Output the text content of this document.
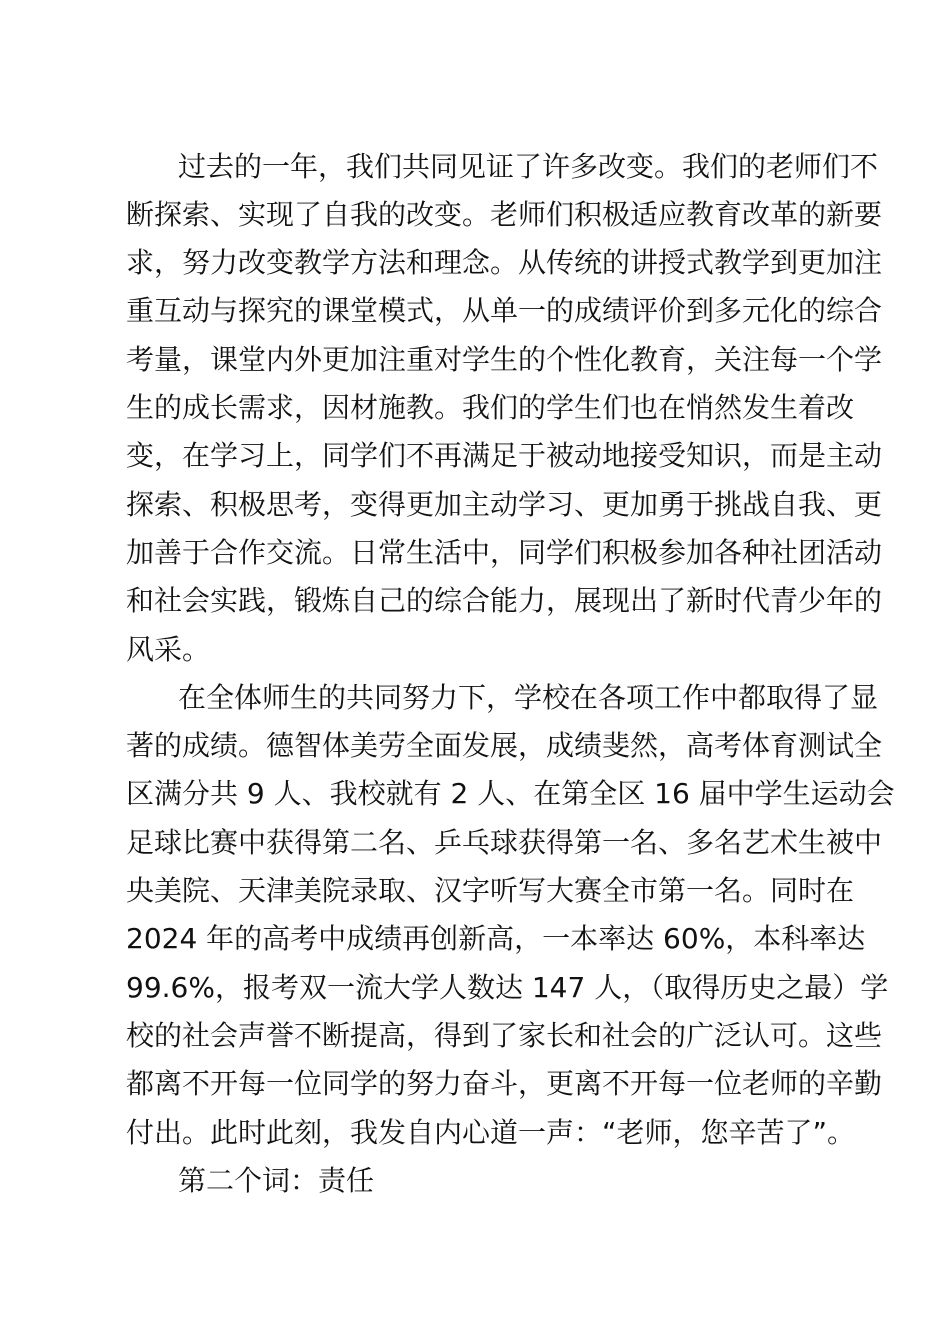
过去的一年，我们共同见证了许多改变。我们的老师们不
断探索、实现了自我的改变。老师们积极适应教育改革的新要
求，努力改变教学方法和理念。从传统的讲授式教学到更加注
重互动与探究的课堂模式，从单一的成绩评价到多元化的综合
考量，课堂内外更加注重对学生的个性化教育，关注每一个学
生的成长需求，因材施教。我们的学生们也在悄然发生着改
变，在学习上，同学们不再满足于被动地接受知识，而是主动
探索、积极思考，变得更加主动学习、更加勇于挑战自我、更
加善于合作交流。日常生活中，同学们积极参加各种社团活动
和社会实践，锻炼自己的综合能力，展现出了新时代青少年的
风采。
在全体师生的共同努力下，学校在各项工作中都取得了显
著的成绩。德智体美劳全面发展，成绩斐然，高考体育测试全
区满分共 9 人、我校就有 2 人、在第全区 16 届中学生运动会
足球比赛中获得第二名、乒乓球获得第一名、多名艺术生被中
央美院、天津美院录取、汉字听写大赛全市第一名。同时在
2024 年的高考中成绩再创新高，一本率达 60%，本科率达
99.6%，报考双一流大学人数达 147 人，（取得历史之最）学
校的社会声誉不断提高，得到了家长和社会的广泛认可。这些
都离不开每一位同学的努力奋斗，更离不开每一位老师的辛勤
付出。此时此刻，我发自内心道一声：“老师，您辛苦了”。
第二个词：责任
